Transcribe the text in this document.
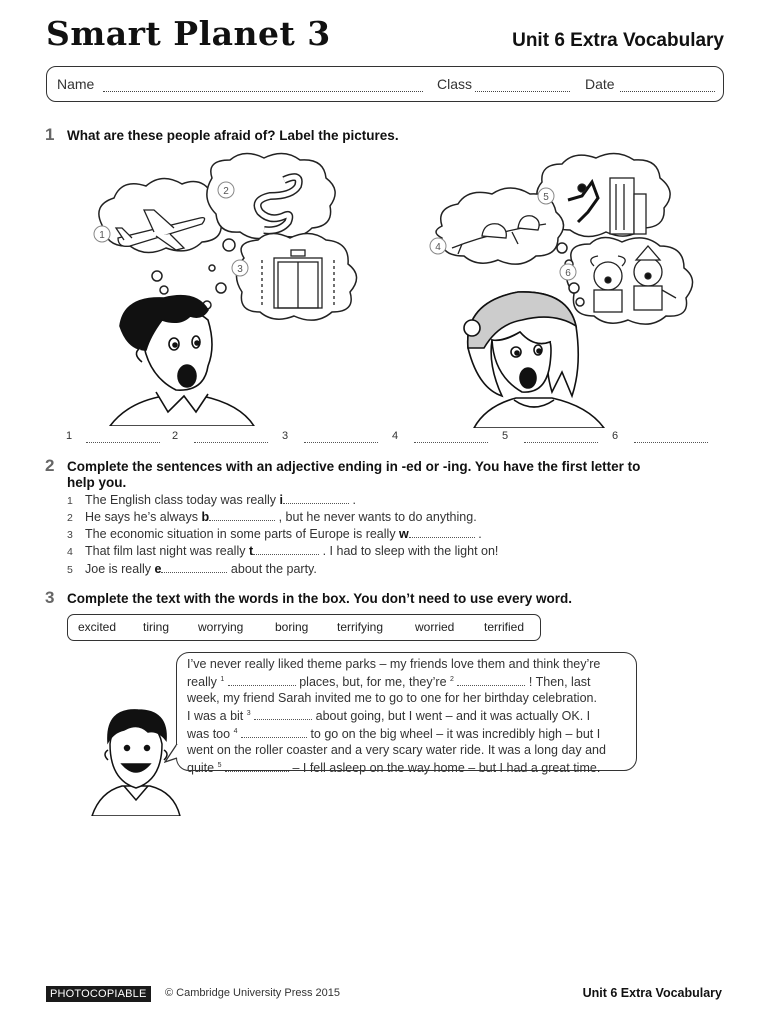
Smart Planet 3	Unit 6 Extra Vocabulary
Name	Class	Date
1 What are these people afraid of? Label the pictures.
1
2
3
4
5
6
1	2	3	4	5	6
2 Complete the sentences with an adjective ending in -ed or -ing. You have the first letter to
help you.
1 The English class today was really i	.
2 He says he’s always b	, but he never wants to do anything.
3 The economic situation in some parts of Europe is really w	.
4 That film last night was really t	. I had to sleep with the light on!
5 Joe is really e	about the party.
3 Complete the text with the words in the box. You don’t need to use every word.
excited tiring worrying	boring terrifying	worried terrified
I’ve never really liked theme parks – my friends love them and think they’re
really $^1$	places, but, for me, they’re $^2$	! Then, last
week, my friend Sarah invited me to go to one for her birthday celebration.
I was a bit $^3$	about going, but I went – and it was actually OK. I
was too $^4$	to go on the big wheel – it was incredibly high – but I
went on the roller coaster and a very scary water ride. It was a long day and
quite $^5$	– I fell asleep on the way home – but I had a great time.
PHOTOCOPIABLE	© Cambridge University Press 2015	Unit 6 Extra Vocabulary
